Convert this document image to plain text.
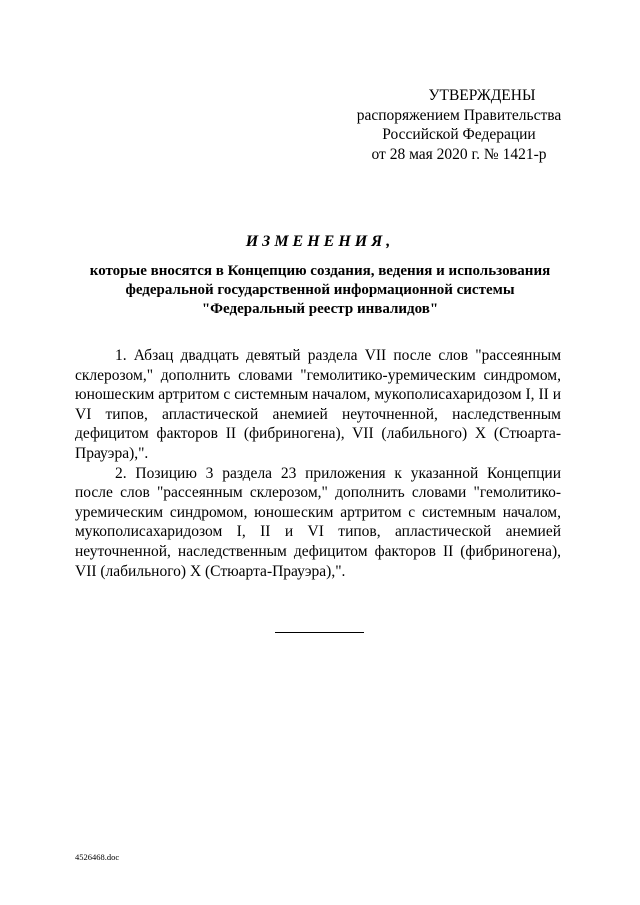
УТВЕРЖДЕНЫ
распоряжением Правительства
Российской Федерации
от 28 мая 2020 г. № 1421-р
ИЗМЕНЕНИЯ,
которые вносятся в Концепцию создания, ведения и использования
федеральной государственной информационной системы
"Федеральный реестр инвалидов"

1. Абзац двадцать девятый раздела VII после слов "рассеянным склерозом," дополнить словами "гемолитико-уремическим синдромом, юношеским артритом с системным началом, мукополисахаридозом I, II и VI типов, апластической анемией неуточненной, наследственным дефицитом факторов II (фибриногена), VII (лабильного) X (Стюарта-Прауэра),".

2. Позицию 3 раздела 23 приложения к указанной Концепции после слов "рассеянным склерозом," дополнить словами "гемолитико-уремическим синдромом, юношеским артритом с системным началом, мукополисахаридозом I, II и VI типов, апластической анемией неуточненной, наследственным дефицитом факторов II (фибриногена), VII (лабильного) X (Стюарта-Прауэра),".

4526468.doc
